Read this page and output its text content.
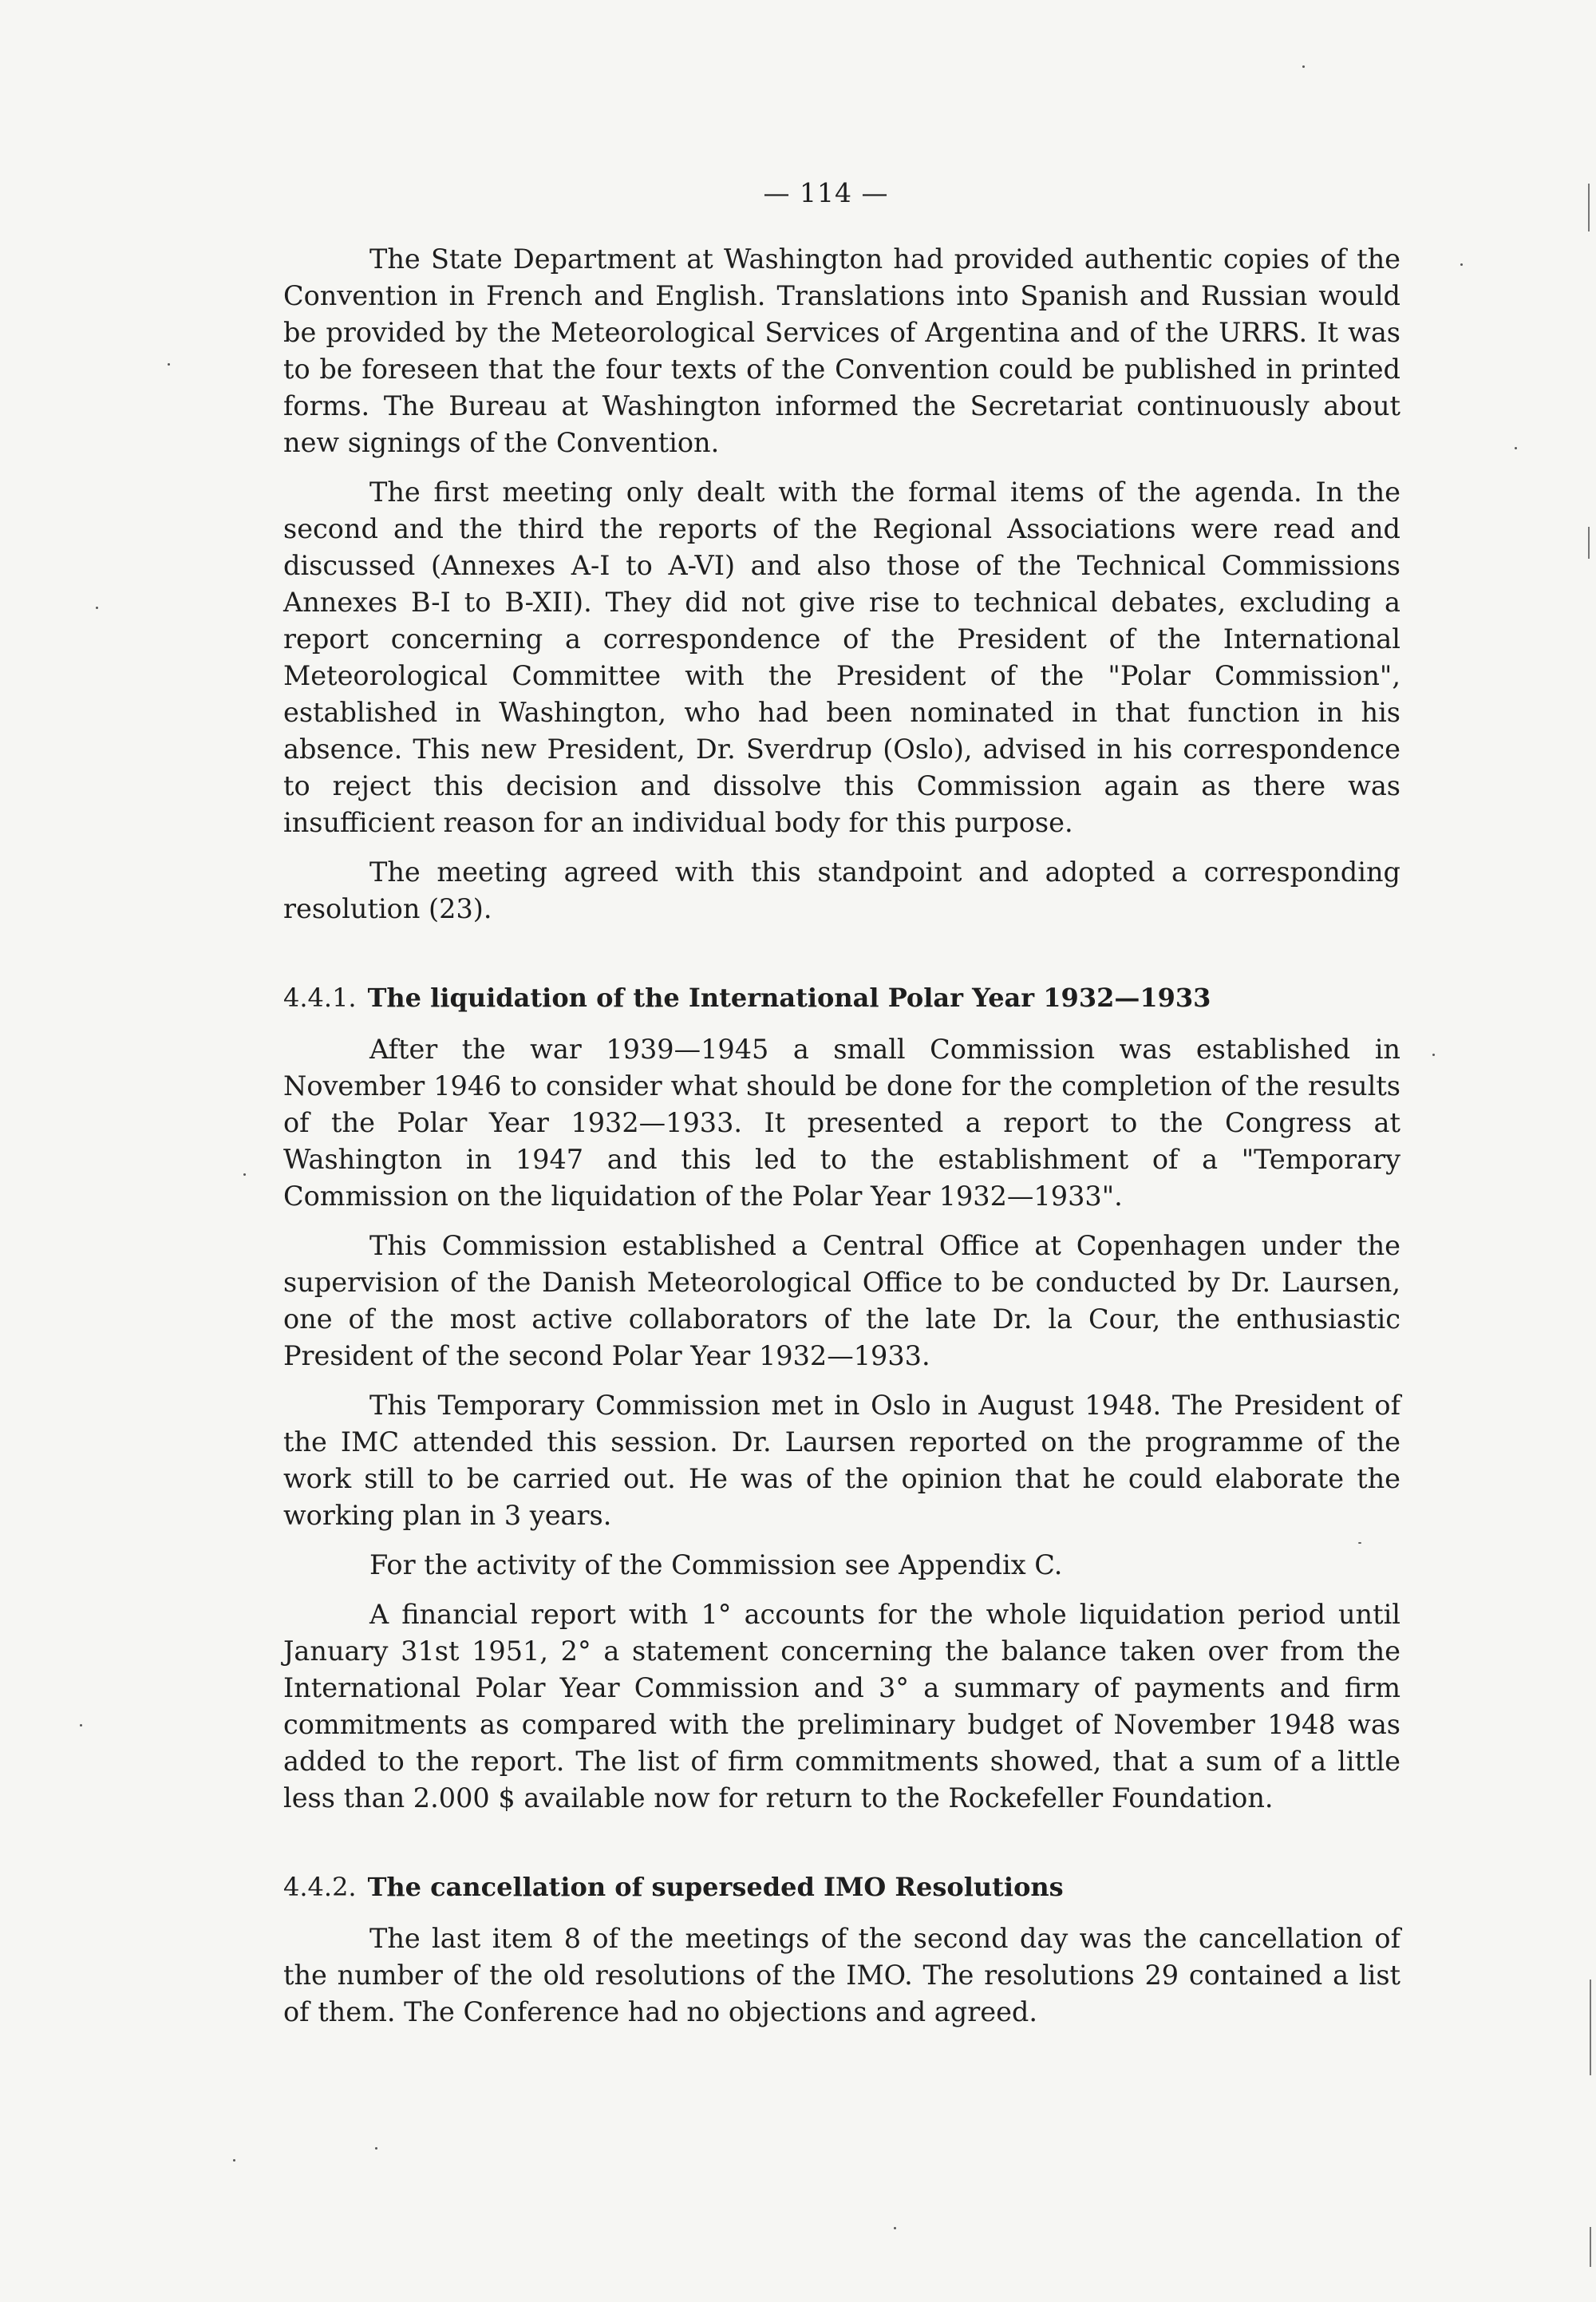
— 114 —

The State Department at Washington had provided authentic copies of the Convention in French and English. Translations into Spanish and Russian would be provided by the Meteorological Services of Argentina and of the URRS. It was to be foreseen that the four texts of the Convention could be published in printed forms. The Bureau at Washington informed the Secretariat continuously about new signings of the Convention.

The first meeting only dealt with the formal items of the agenda. In the second and the third the reports of the Regional Associations were read and discussed (Annexes A-I to A-VI) and also those of the Technical Commissions Annexes B-I to B-XII). They did not give rise to technical debates, excluding a report concerning a correspondence of the President of the International Meteorological Committee with the President of the "Polar Commission", established in Washington, who had been nominated in that function in his absence. This new President, Dr. Sverdrup (Oslo), advised in his correspondence to reject this decision and dissolve this Commission again as there was insufficient reason for an individual body for this purpose.

The meeting agreed with this standpoint and adopted a corresponding resolution (23).

4.4.1. The liquidation of the International Polar Year 1932—1933

After the war 1939—1945 a small Commission was established in November 1946 to consider what should be done for the completion of the results of the Polar Year 1932—1933. It presented a report to the Congress at Washington in 1947 and this led to the establishment of a "Temporary Commission on the liquidation of the Polar Year 1932—1933".

This Commission established a Central Office at Copenhagen under the supervision of the Danish Meteorological Office to be conducted by Dr. Laursen, one of the most active collaborators of the late Dr. la Cour, the enthusiastic President of the second Polar Year 1932—1933.

This Temporary Commission met in Oslo in August 1948. The President of the IMC attended this session. Dr. Laursen reported on the programme of the work still to be carried out. He was of the opinion that he could elaborate the working plan in 3 years.

For the activity of the Commission see Appendix C.

A financial report with 1° accounts for the whole liquidation period until January 31st 1951, 2° a statement concerning the balance taken over from the International Polar Year Commission and 3° a summary of payments and firm commitments as compared with the preliminary budget of November 1948 was added to the report. The list of firm commitments showed, that a sum of a little less than 2.000 $ available now for return to the Rockefeller Foundation.

4.4.2. The cancellation of superseded IMO Resolutions

The last item 8 of the meetings of the second day was the cancellation of the number of the old resolutions of the IMO. The resolutions 29 contained a list of them. The Conference had no objections and agreed.
